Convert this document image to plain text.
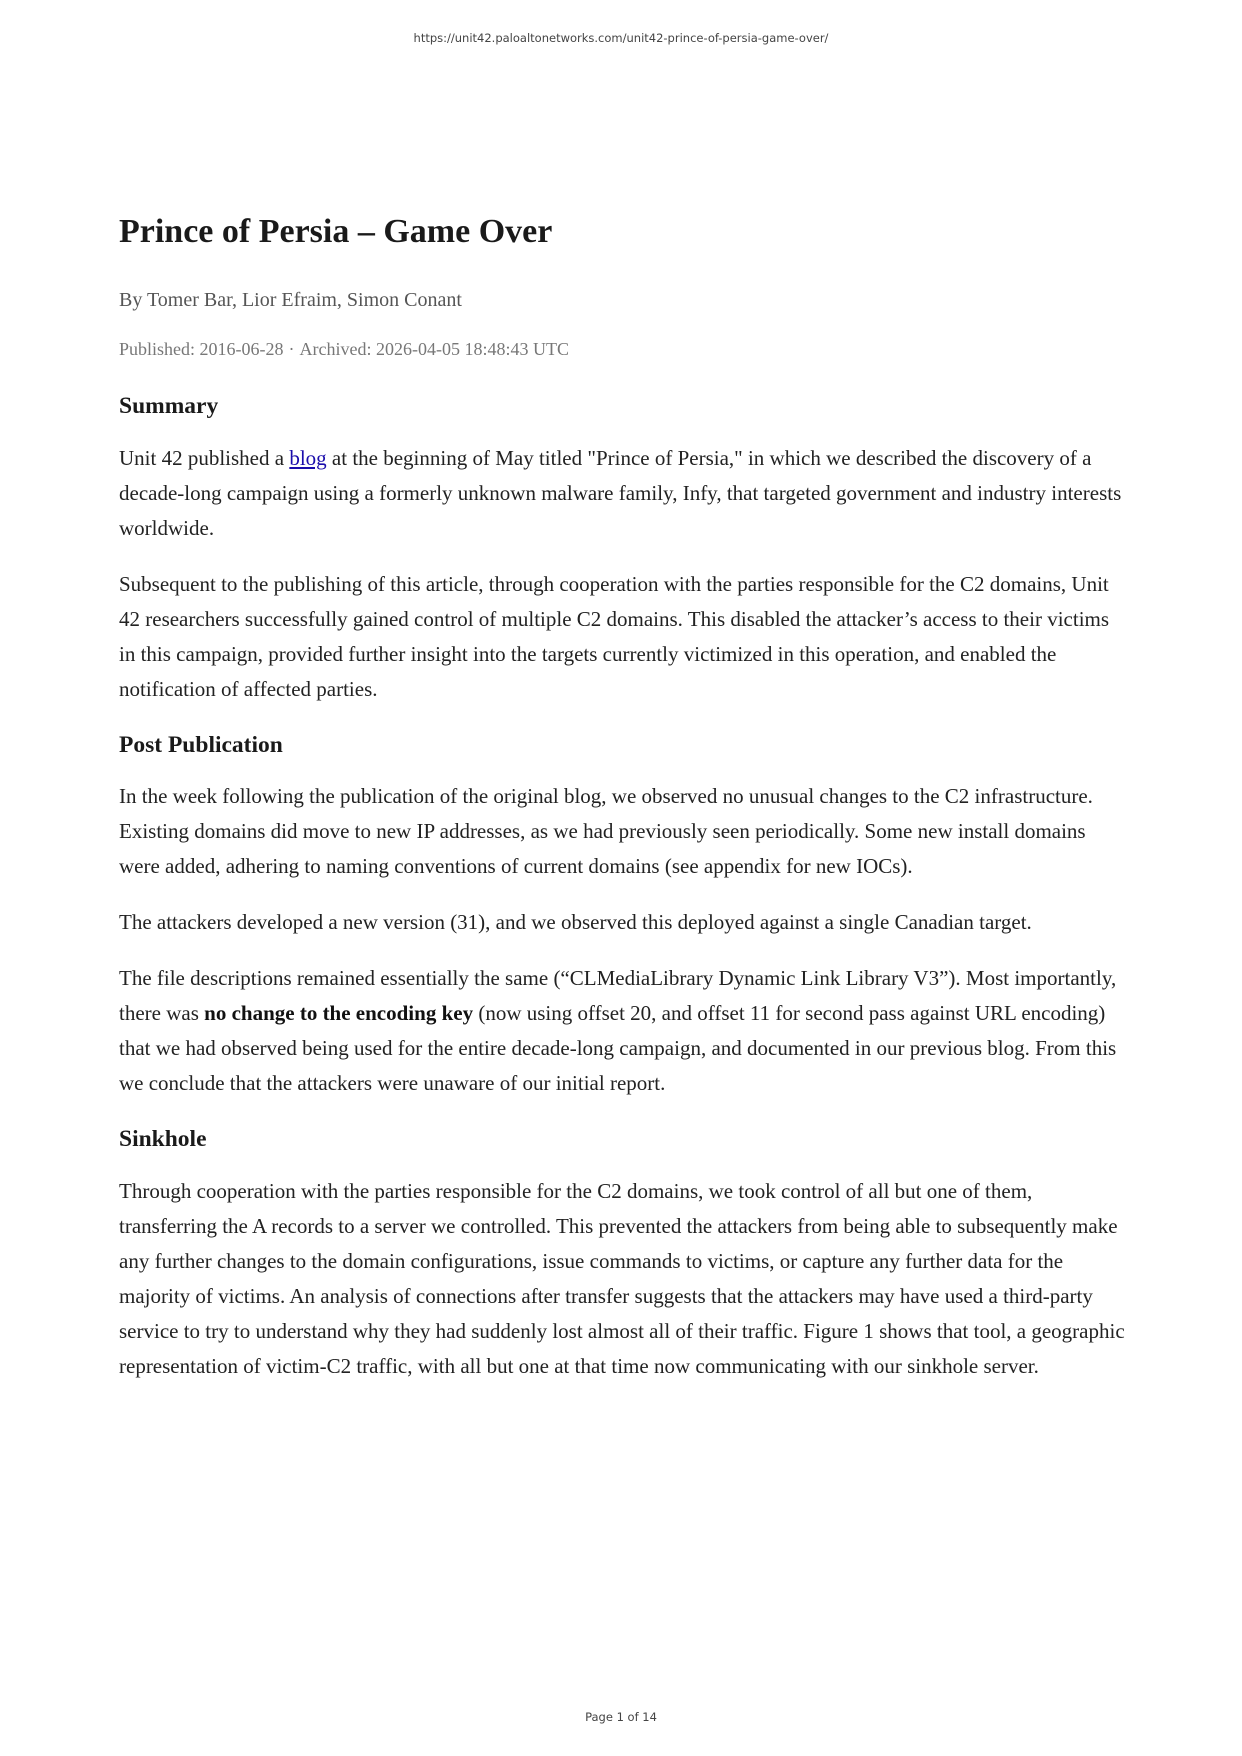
https://unit42.paloaltonetworks.com/unit42-prince-of-persia-game-over/
Prince of Persia – Game Over
By Tomer Bar, Lior Efraim, Simon Conant
Published: 2016-06-28 · Archived: 2026-04-05 18:48:43 UTC
Summary

Unit 42 published a blog at the beginning of May titled "Prince of Persia," in which we described the discovery of a decade-long campaign using a formerly unknown malware family, Infy, that targeted government and industry interests worldwide.

Subsequent to the publishing of this article, through cooperation with the parties responsible for the C2 domains, Unit 42 researchers successfully gained control of multiple C2 domains. This disabled the attacker’s access to their victims in this campaign, provided further insight into the targets currently victimized in this operation, and enabled the notification of affected parties.

Post Publication

In the week following the publication of the original blog, we observed no unusual changes to the C2 infrastructure. Existing domains did move to new IP addresses, as we had previously seen periodically. Some new install domains were added, adhering to naming conventions of current domains (see appendix for new IOCs).

The attackers developed a new version (31), and we observed this deployed against a single Canadian target.

The file descriptions remained essentially the same (“CLMediaLibrary Dynamic Link Library V3”). Most importantly, there was no change to the encoding key (now using offset 20, and offset 11 for second pass against URL encoding) that we had observed being used for the entire decade-long campaign, and documented in our previous blog. From this we conclude that the attackers were unaware of our initial report.

Sinkhole

Through cooperation with the parties responsible for the C2 domains, we took control of all but one of them, transferring the A records to a server we controlled. This prevented the attackers from being able to subsequently make any further changes to the domain configurations, issue commands to victims, or capture any further data for the majority of victims. An analysis of connections after transfer suggests that the attackers may have used a third-party service to try to understand why they had suddenly lost almost all of their traffic. Figure 1 shows that tool, a geographic representation of victim-C2 traffic, with all but one at that time now communicating with our sinkhole server.

Page 1 of 14
